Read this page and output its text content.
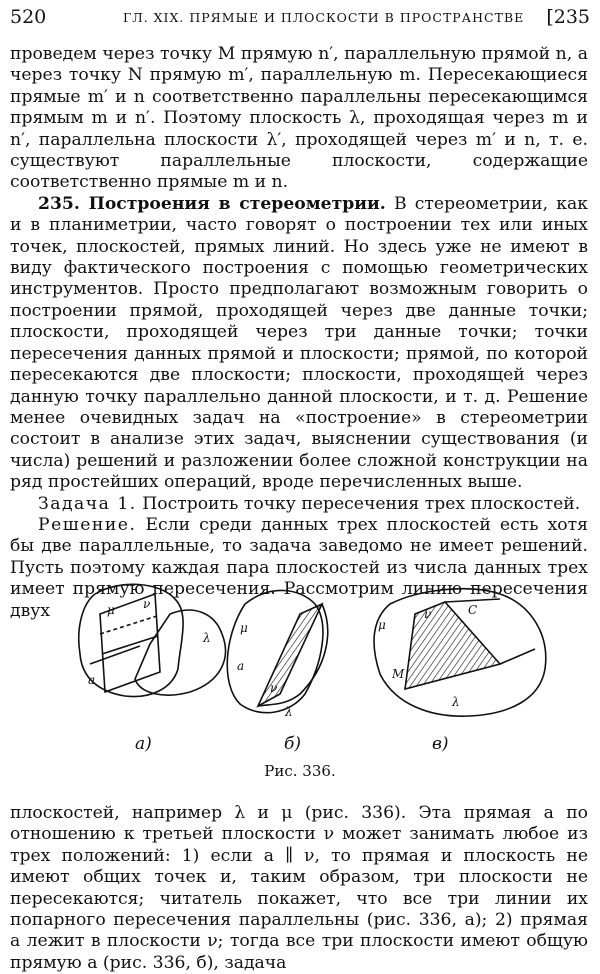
520	ГЛ. XIX. ПРЯМЫЕ И ПЛОСКОСТИ В ПРОСТРАНСТВЕ [235

проведем через точку M прямую n′, параллельную прямой n, а через точку N прямую m′, параллельную m. Пересекающиеся прямые m′ и n соответственно параллельны пересекающимся прямым m и n′. Поэтому плоскость λ, проходящая через m и n′, параллельна плоскости λ′, проходящей через m′ и n, т. е. существуют параллельные плоскости, содержащие соответственно прямые m и n.

235. Построения в стереометрии. В стереометрии, как и в планиметрии, часто говорят о построении тех или иных точек, плоскостей, прямых линий. Но здесь уже не имеют в виду фактического построения с помощью геометрических инструментов. Просто предполагают возможным говорить о построении прямой, проходящей через две данные точки; плоскости, проходящей через три данные точки; точки пересечения данных прямой и плоскости; прямой, по которой пересекаются две плоскости; плоскости, проходящей через данную точку параллельно данной плоскости, и т. д. Решение менее очевидных задач на «построение» в стереометрии состоит в анализе этих задач, выяснении существования (и числа) решений и разложении более сложной конструкции на ряд простейших операций, вроде перечисленных выше.

Задача 1. Построить точку пересечения трех плоскостей.

Решение. Если среди данных трех плоскостей есть хотя бы две параллельные, то задача заведомо не имеет решений. Пусть поэтому каждая пара плоскостей из числа данных трех имеет прямую пересечения. Рассмотрим линию пересечения двух	μ ν
λ
a
μ
a
ν
λ
μ
ν	C
M
λ
а)	б)	в)
Рис. 336.

плоскостей, например λ и μ (рис. 336). Эта прямая a по отношению к третьей плоскости ν может занимать любое из трех положений: 1) если a ∥ ν, то прямая и плоскость не имеют общих точек и, таким образом, три плоскости не пересекаются; читатель покажет, что все три линии их попарного пересечения параллельны (рис. 336, a); 2) прямая a лежит в плоскости ν; тогда все три плоскости имеют общую прямую a (рис. 336, б), задача
